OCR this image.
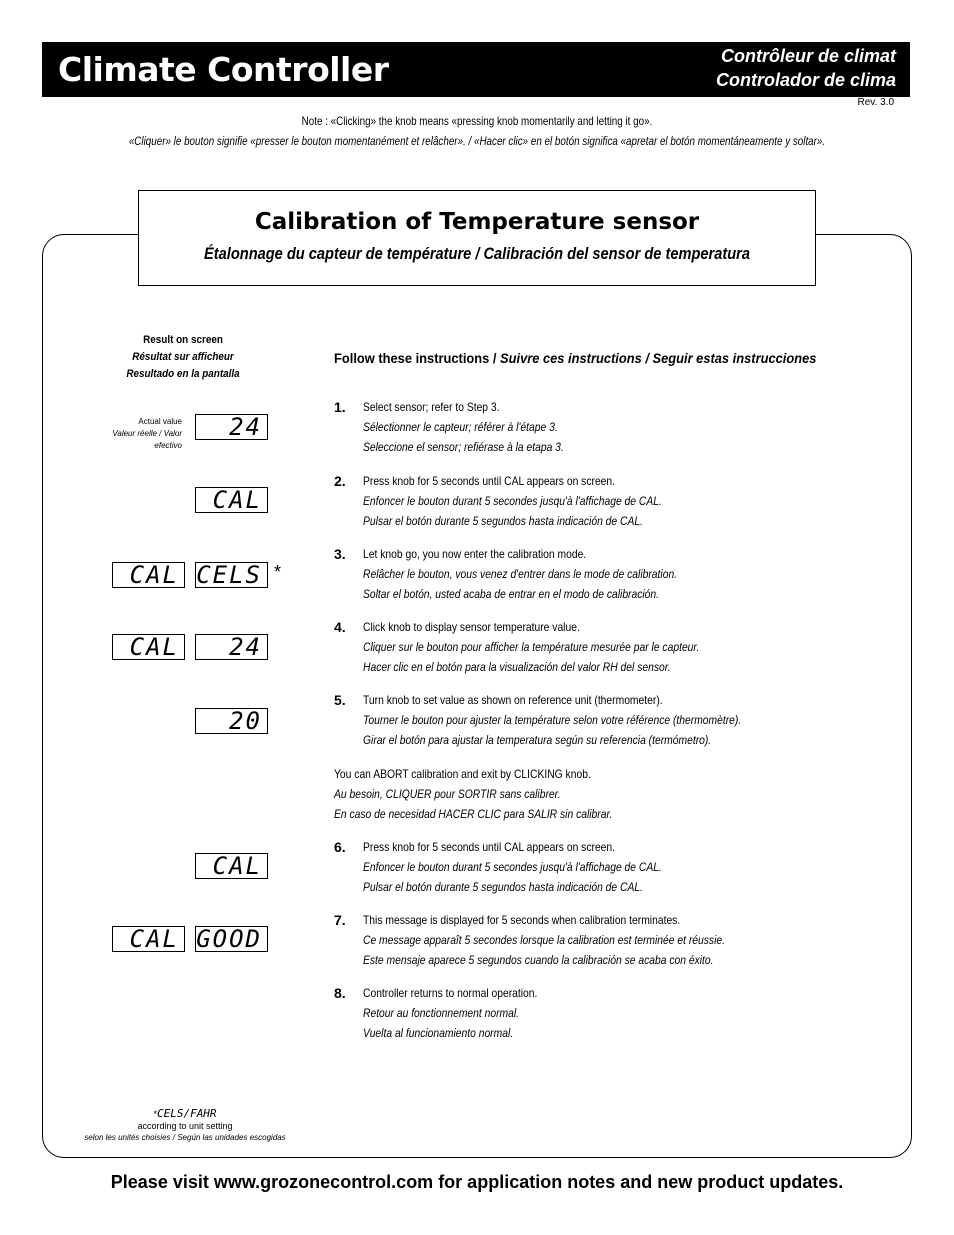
Climate Controller	Contrôleur de climat
Controlador de clima
Rev. 3.0
Note : «Clicking» the knob means «pressing knob momentarily and letting it go».
«Cliquer» le bouton signifie «presser le bouton momentanément et relâcher». / «Hacer clic» en el botón significa «apretar el botón momentáneamente y soltar».
Calibration of Temperature sensor
Étalonnage du capteur de température / Calibración del sensor de temperatura
Result on screen
Résultat sur afficheur
Resultado en la pantalla
Follow these instructions / Suivre ces instructions / Seguir estas instrucciones
Actual value
Valeur réelle / Valor efectivo
24
CAL
CAL CELS *
CAL	24
20
CAL
CAL GOOD
1. Select sensor; refer to Step 3.
Sélectionner le capteur; référer à l'étape 3.
Seleccione el sensor; refiérase à la etapa 3.
2. Press knob for 5 seconds until CAL appears on screen.
Enfoncer le bouton durant 5 secondes jusqu'à l'affichage de CAL.
Pulsar el botón durante 5 segundos hasta indicación de CAL.
3. Let knob go, you now enter the calibration mode.
Relâcher le bouton, vous venez d'entrer dans le mode de calibration.
Soltar el botón, usted acaba de entrar en el modo de calibración.
4. Click knob to display sensor temperature value.
Cliquer sur le bouton pour afficher la température mesurée par le capteur.
Hacer clic en el botón para la visualización del valor RH del sensor.
5. Turn knob to set value as shown on reference unit (thermometer).
Tourner le bouton pour ajuster la température selon votre référence (thermomètre).
Girar el botón para ajustar la temperatura según su referencia (termómetro).
You can ABORT calibration and exit by CLICKING knob.
Au besoin, CLIQUER pour SORTIR sans calibrer.
En caso de necesidad HACER CLIC para SALIR sin calibrar.
6. Press knob for 5 seconds until CAL appears on screen.
Enfoncer le bouton durant 5 secondes jusqu'à l'affichage de CAL.
Pulsar el botón durante 5 segundos hasta indicación de CAL.
7. This message is displayed for 5 seconds when calibration terminates.
Ce message apparaît 5 secondes lorsque la calibration est terminée et réussie.
Este mensaje aparece 5 segundos cuando la calibración se acaba con éxito.
8. Controller returns to normal operation.
Retour au fonctionnement normal.
Vuelta al funcionamiento normal.
*CELS/FAHR
according to unit setting
selon les unités choisies / Según las unidades escogidas
Please visit www.grozonecontrol.com for application notes and new product updates.
